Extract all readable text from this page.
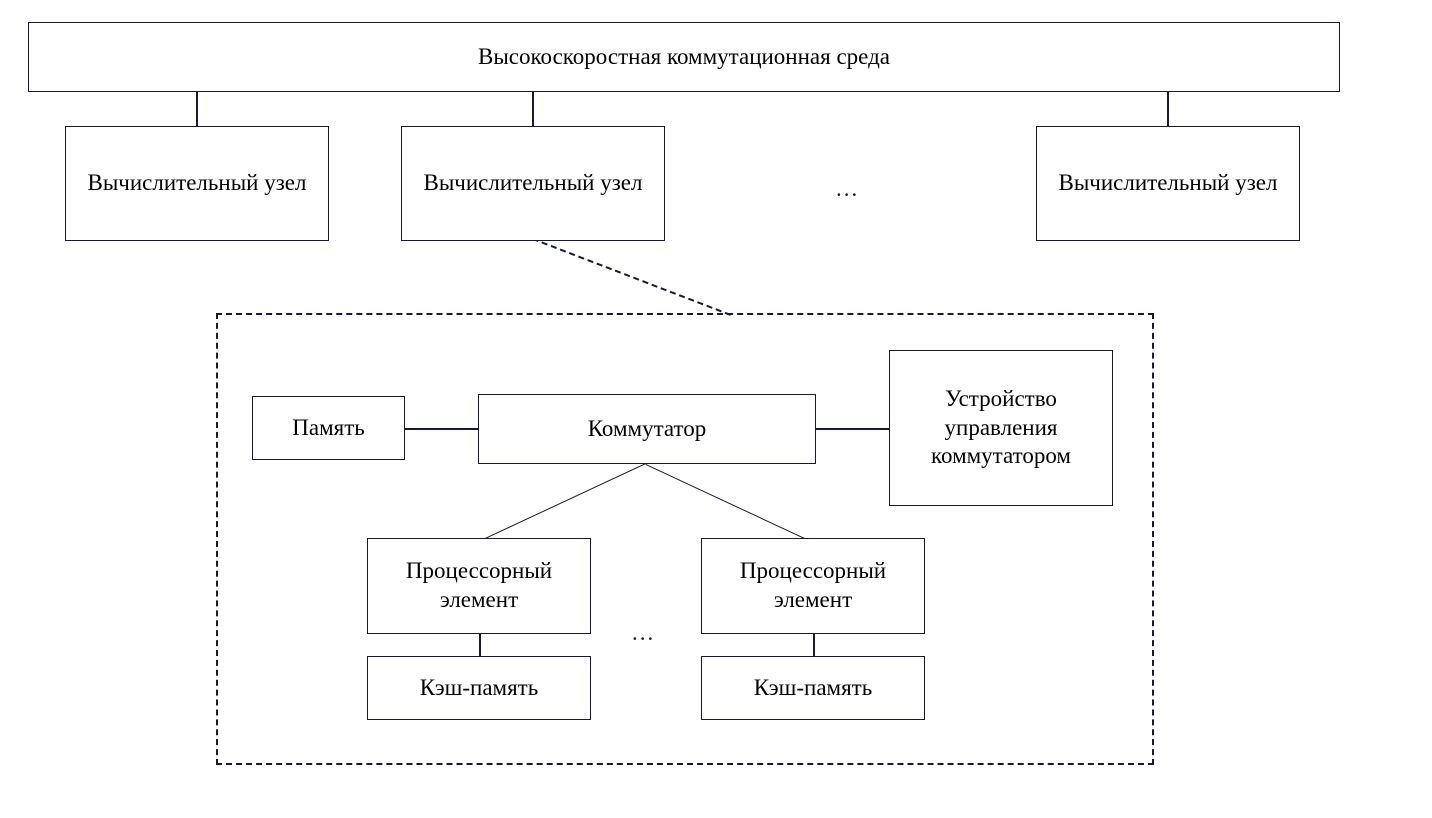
Высокоскоростная коммутационная среда
Вычислительный узел	Вычислительный узел	Вычислительный узел
...
Память	Коммутатор
Устройство управления коммутатором
Процессорный элемент
Процессорный элемент
...
Кэш-память	Кэш-память
